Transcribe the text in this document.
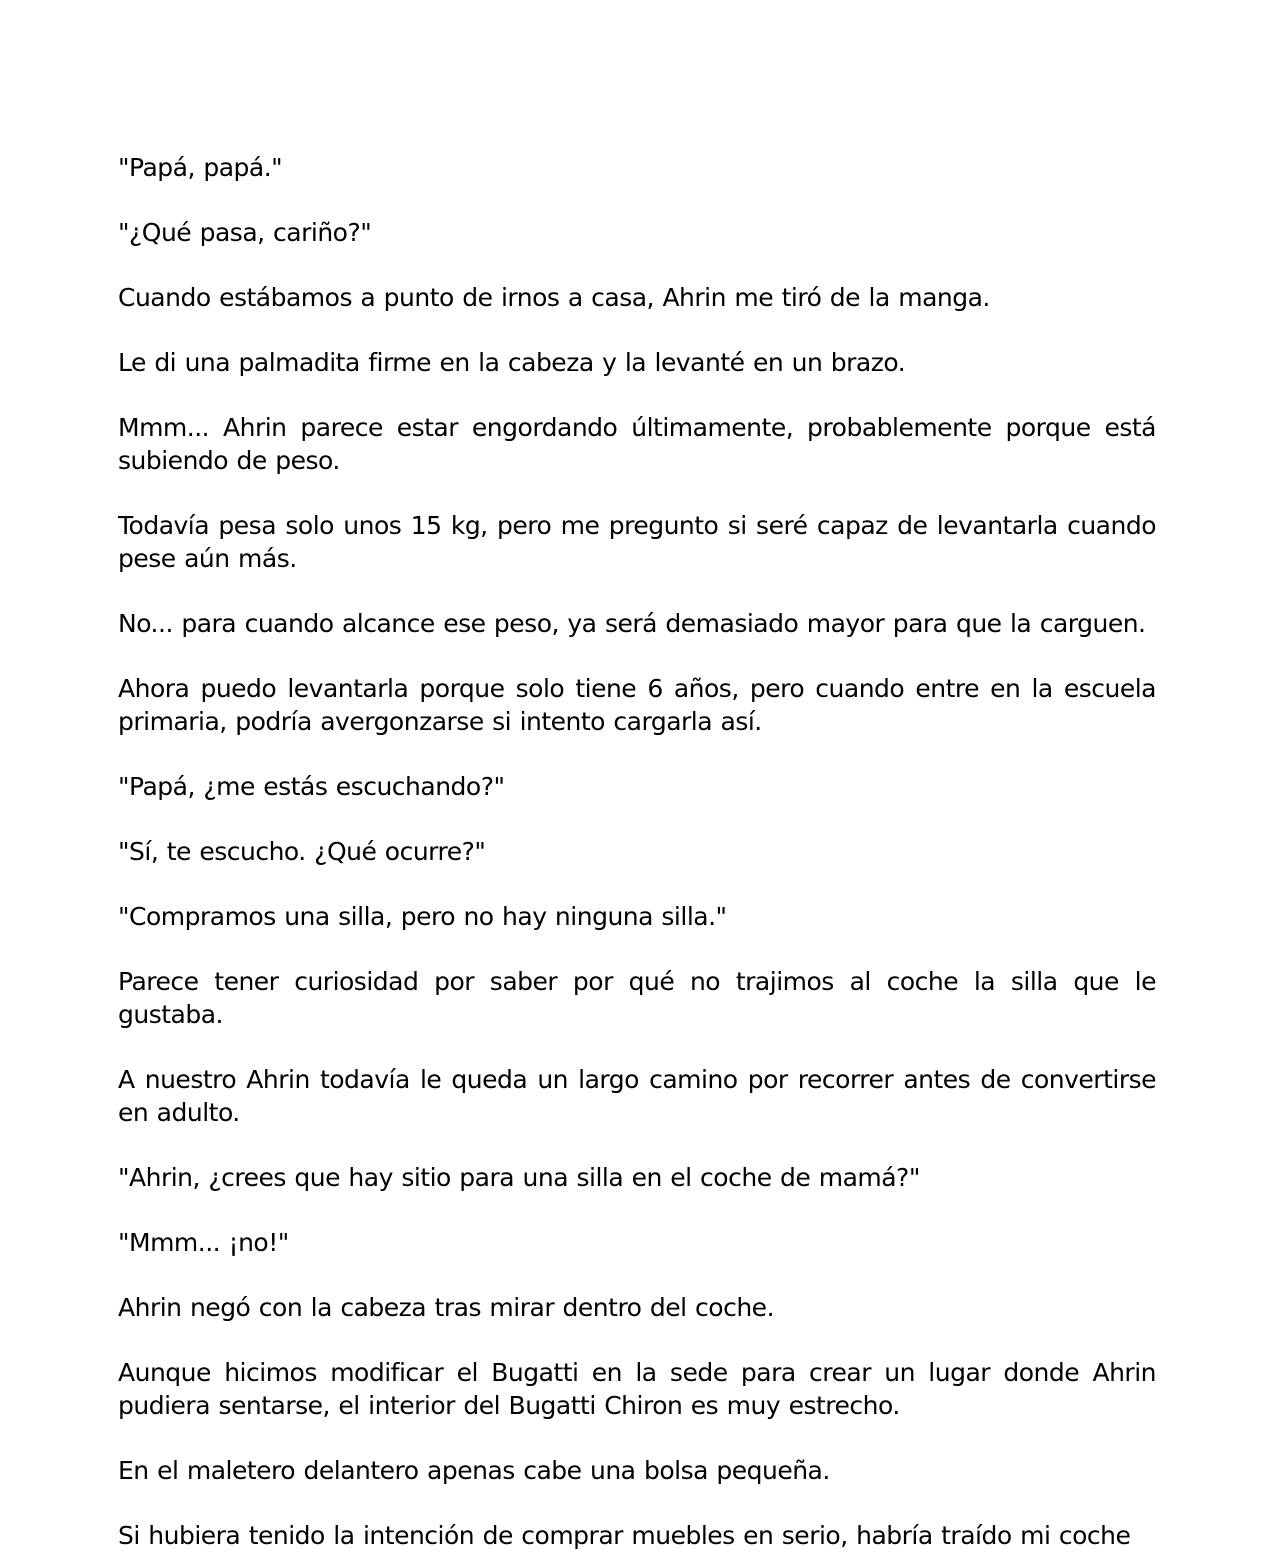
"Papá, papá."

"¿Qué pasa, cariño?"

Cuando estábamos a punto de irnos a casa, Ahrin me tiró de la manga.

Le di una palmadita firme en la cabeza y la levanté en un brazo.

Mmm... Ahrin parece estar engordando últimamente, probablemente porque está subiendo de peso.

Todavía pesa solo unos 15 kg, pero me pregunto si seré capaz de levantarla cuando pese aún más.

No... para cuando alcance ese peso, ya será demasiado mayor para que la carguen.

Ahora puedo levantarla porque solo tiene 6 años, pero cuando entre en la escuela primaria, podría avergonzarse si intento cargarla así.

"Papá, ¿me estás escuchando?"

"Sí, te escucho. ¿Qué ocurre?"

"Compramos una silla, pero no hay ninguna silla."

Parece tener curiosidad por saber por qué no trajimos al coche la silla que le gustaba.

A nuestro Ahrin todavía le queda un largo camino por recorrer antes de convertirse en adulto.

"Ahrin, ¿crees que hay sitio para una silla en el coche de mamá?"

"Mmm... ¡no!"

Ahrin negó con la cabeza tras mirar dentro del coche.

Aunque hicimos modificar el Bugatti en la sede para crear un lugar donde Ahrin pudiera sentarse, el interior del Bugatti Chiron es muy estrecho.

En el maletero delantero apenas cabe una bolsa pequeña.

Si hubiera tenido la intención de comprar muebles en serio, habría traído mi coche
